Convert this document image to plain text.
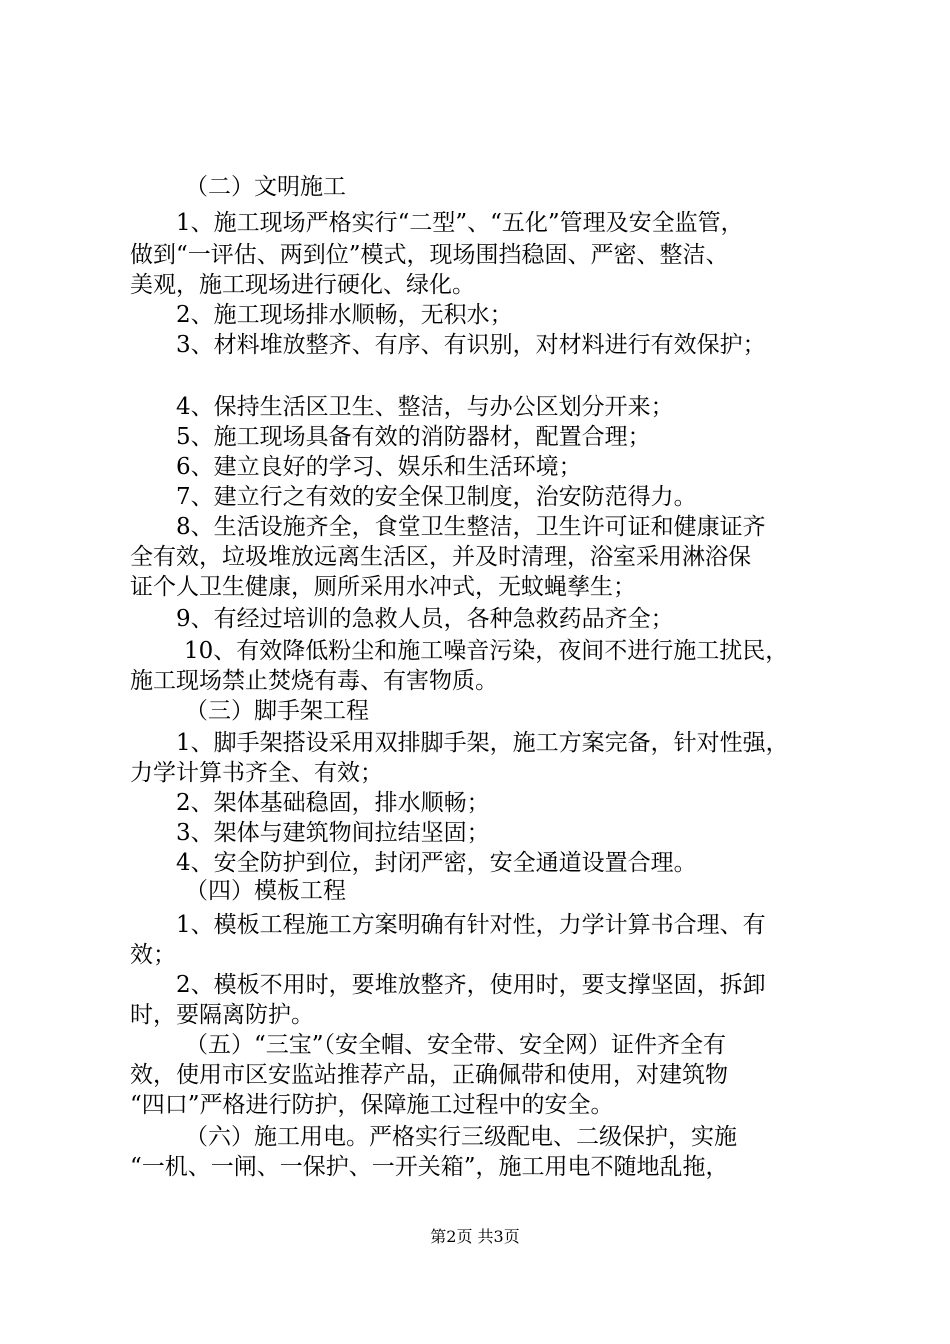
（二）文明施工
1、施工现场严格实行“二型”、“五化”管理及安全监管，
做到“一评估、两到位”模式，现场围挡稳固、严密、整洁、
美观，施工现场进行硬化、绿化。
2、施工现场排水顺畅，无积水；
3、材料堆放整齐、有序、有识别，对材料进行有效保护；
4、保持生活区卫生、整洁，与办公区划分开来；
5、施工现场具备有效的消防器材，配置合理；
6、建立良好的学习、娱乐和生活环境；
7、建立行之有效的安全保卫制度，治安防范得力。
8、生活设施齐全，食堂卫生整洁，卫生许可证和健康证齐
全有效，垃圾堆放远离生活区，并及时清理，浴室采用淋浴保
证个人卫生健康，厕所采用水冲式，无蚊蝇孳生；
9、有经过培训的急救人员，各种急救药品齐全；
10、有效降低粉尘和施工噪音污染，夜间不进行施工扰民，
施工现场禁止焚烧有毒、有害物质。
（三）脚手架工程
1、脚手架搭设采用双排脚手架，施工方案完备，针对性强，
力学计算书齐全、有效；
2、架体基础稳固，排水顺畅；
3、架体与建筑物间拉结坚固；
4、安全防护到位，封闭严密，安全通道设置合理。
（四）模板工程
1、模板工程施工方案明确有针对性，力学计算书合理、有
效；
2、模板不用时，要堆放整齐，使用时，要支撑坚固，拆卸
时，要隔离防护。
（五）“三宝”（安全帽、安全带、安全网）证件齐全有
效，使用市区安监站推荐产品，正确佩带和使用，对建筑物
“四口”严格进行防护，保障施工过程中的安全。
（六）施工用电。严格实行三级配电、二级保护，实施
“一机、一闸、一保护、一开关箱”，施工用电不随地乱拖，
第2页 共3页
